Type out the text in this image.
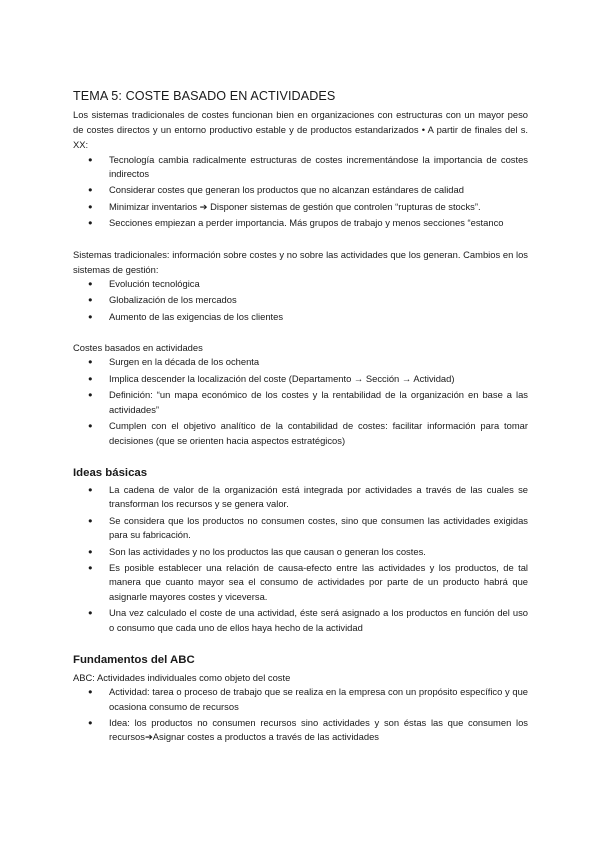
TEMA 5: COSTE BASADO EN ACTIVIDADES

Los sistemas tradicionales de costes funcionan bien en organizaciones con estructuras con un mayor peso de costes directos y un entorno productivo estable y de productos estandarizados • A partir de finales del s. XX:

● Tecnología cambia radicalmente estructuras de costes incrementándose la importancia de costes indirectos
● Considerar costes que generan los productos que no alcanzan estándares de calidad
● Minimizar inventarios ➔ Disponer sistemas de gestión que controlen “rupturas de stocks”.
● Secciones empiezan a perder importancia. Más grupos de trabajo y menos secciones “estanco

Sistemas tradicionales: información sobre costes y no sobre las actividades que los generan. Cambios en los sistemas de gestión:

● Evolución tecnológica
● Globalización de los mercados
● Aumento de las exigencias de los clientes

Costes basados en actividades

● Surgen en la década de los ochenta
● Implica descender la localización del coste (Departamento → Sección → Actividad)
● Definición: “un mapa económico de los costes y la rentabilidad de la organización en base a las actividades”
● Cumplen con el objetivo analítico de la contabilidad de costes: facilitar información para tomar decisiones (que se orienten hacia aspectos estratégicos)
Ideas básicas
● La cadena de valor de la organización está integrada por actividades a través de las cuales se transforman los recursos y se genera valor.
● Se considera que los productos no consumen costes, sino que consumen las actividades exigidas para su fabricación.
● Son las actividades y no los productos las que causan o generan los costes.
● Es posible establecer una relación de causa-efecto entre las actividades y los productos, de tal manera que cuanto mayor sea el consumo de actividades por parte de un producto habrá que asignarle mayores costes y viceversa.
● Una vez calculado el coste de una actividad, éste será asignado a los productos en función del uso o consumo que cada uno de ellos haya hecho de la actividad
Fundamentos del ABC

ABC: Actividades individuales como objeto del coste

● Actividad: tarea o proceso de trabajo que se realiza en la empresa con un propósito específico y que ocasiona consumo de recursos
● Idea: los productos no consumen recursos sino actividades y son éstas las que consumen los recursos➔Asignar costes a productos a través de las actividades
